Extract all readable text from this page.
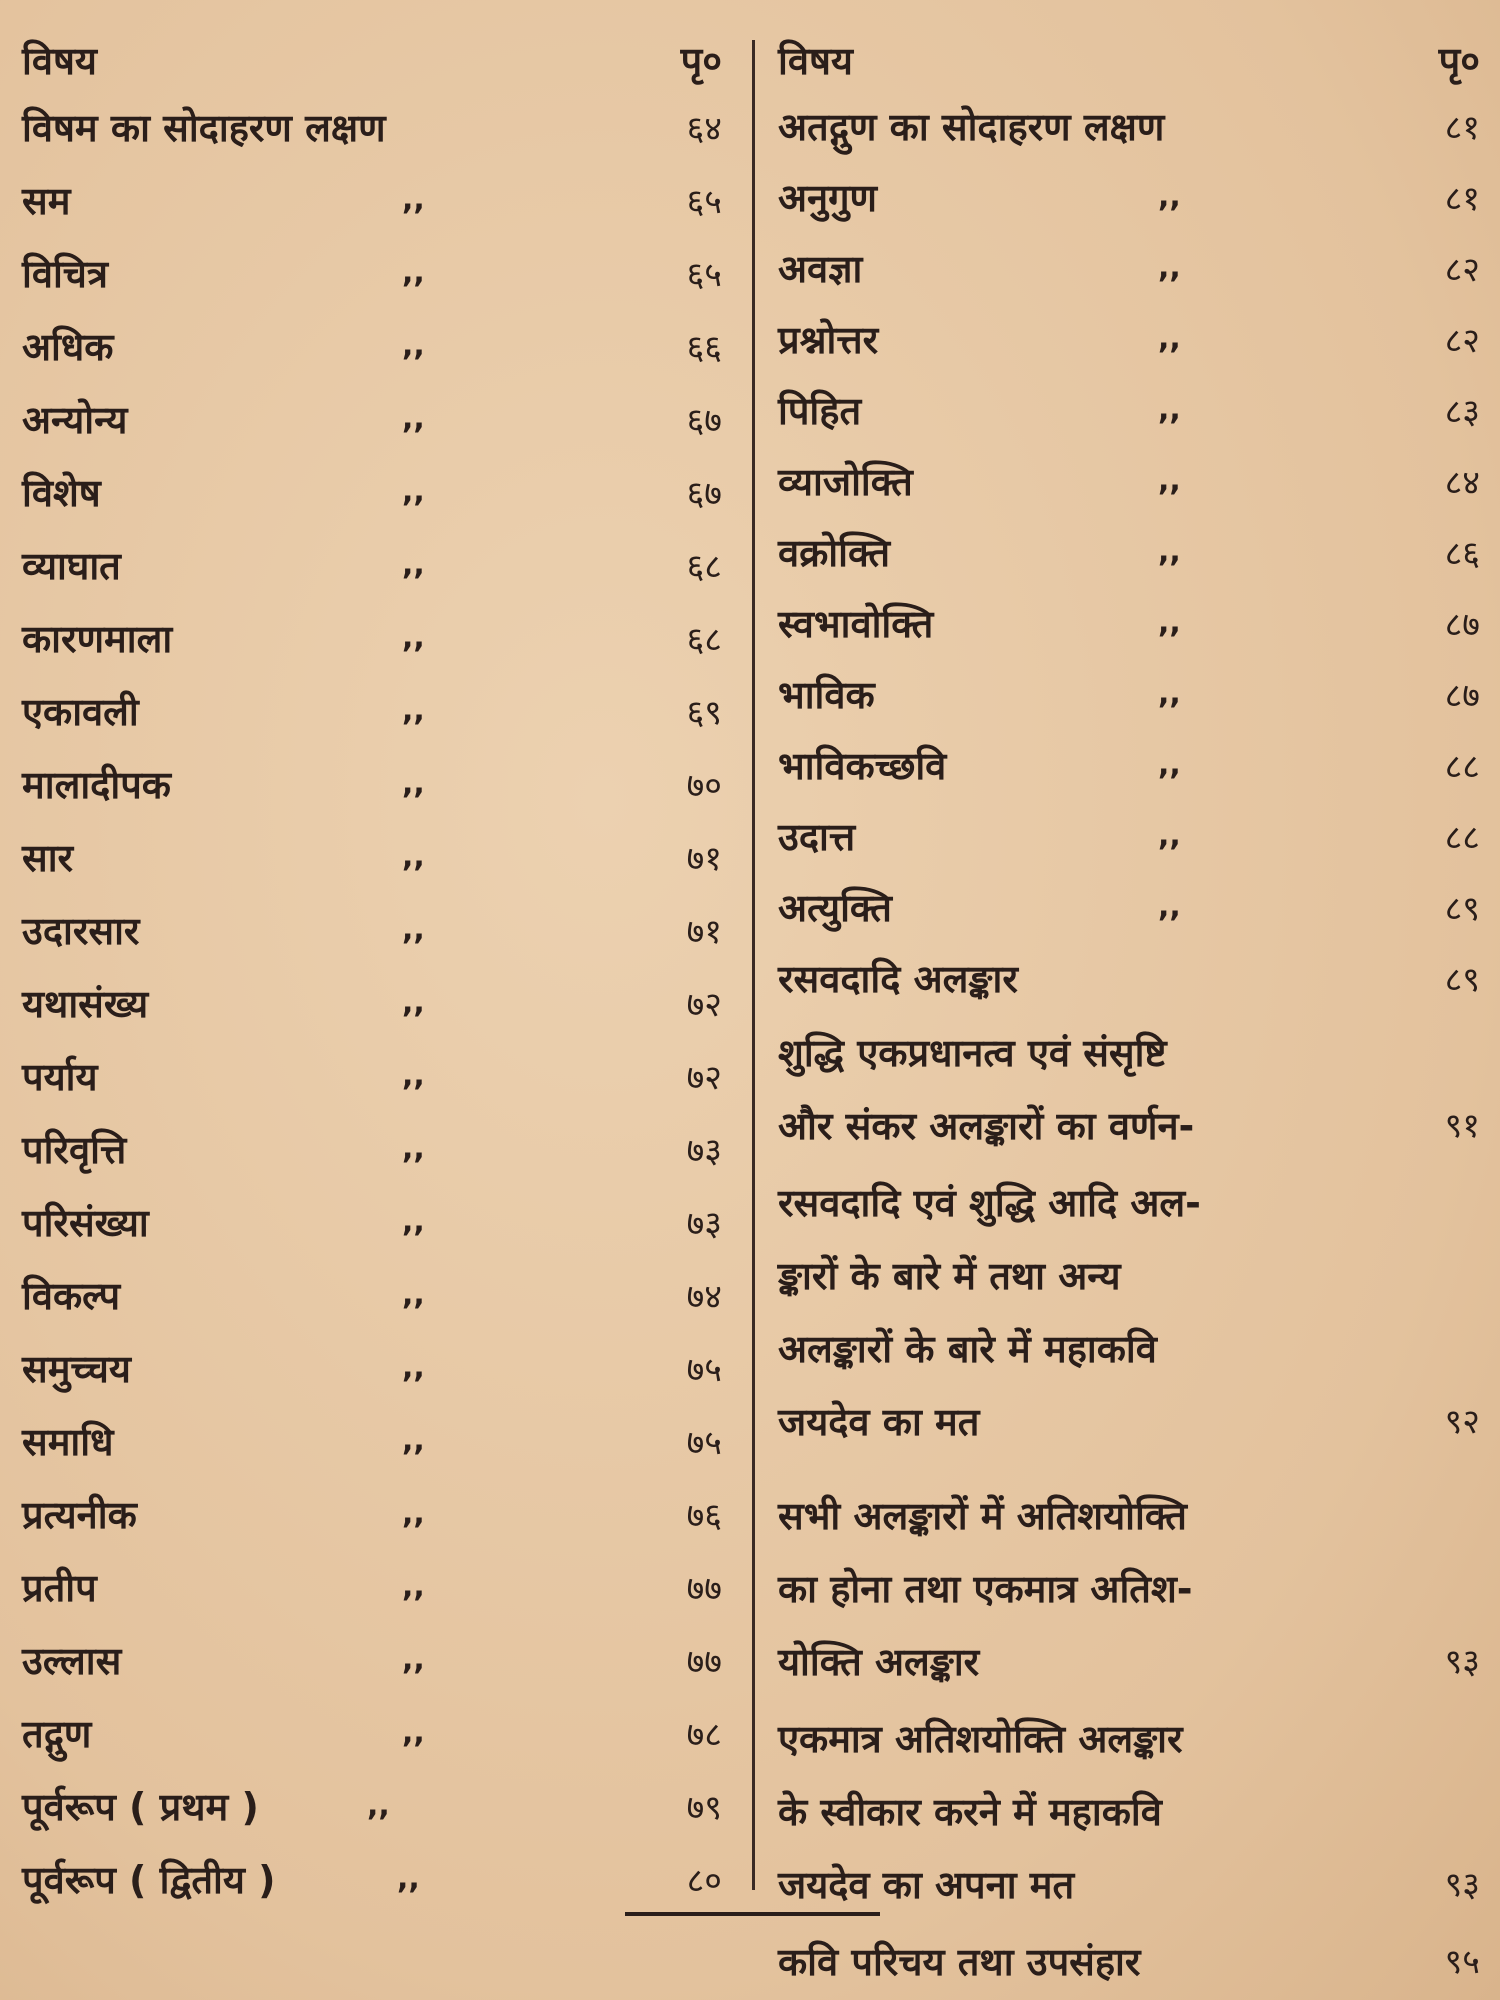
विषय	पृ०
विषम का सोदाहरण लक्षण	६४
सम	,,	६५
विचित्र	,,	६५
अधिक	,,	६६
अन्योन्य	,,	६७
विशेष	,,	६७
व्याघात	,,	६८
कारणमाला	,,	६८
एकावली	,,	६९
मालादीपक	,,	७०
सार	,,	७१
उदारसार	,,	७१
यथासंख्य	,,	७२
पर्याय	,,	७२
परिवृत्ति	,,	७३
परिसंख्या	,,	७३
विकल्प	,,	७४
समुच्चय	,,	७५
समाधि	,,	७५
प्रत्यनीक	,,	७६
प्रतीप	,,	७७
उल्लास	,,	७७
तद्गुण	,,	७८
पूर्वरूप ( प्रथम )	,,	७९
पूर्वरूप ( द्वितीय )	,,	८०
विषय	पृ०
अतद्गुण का सोदाहरण लक्षण	८१
अनुगुण	,,	८१
अवज्ञा	,,	८२
प्रश्नोत्तर	,,	८२
पिहित	,,	८३
व्याजोक्ति	,,	८४
वक्रोक्ति	,,	८६
स्वभावोक्ति	,,	८७
भाविक	,,	८७
भाविकच्छवि	,,	८८
उदात्त	,,	८८
अत्युक्ति	,,	८९
रसवदादि अलङ्कार	८९
शुद्धि एकप्रधानत्व एवं संसृष्टि
और संकर अलङ्कारों का वर्णन-	९१
रसवदादि एवं शुद्धि आदि अल-
ङ्कारों के बारे में तथा अन्य
अलङ्कारों के बारे में महाकवि
जयदेव का मत	९२
सभी अलङ्कारों में अतिशयोक्ति
का होना तथा एकमात्र अतिश-
योक्ति अलङ्कार	९३
एकमात्र अतिशयोक्ति अलङ्कार
के स्वीकार करने में महाकवि
जयदेव का अपना मत	९३
कवि परिचय तथा उपसंहार	९५
